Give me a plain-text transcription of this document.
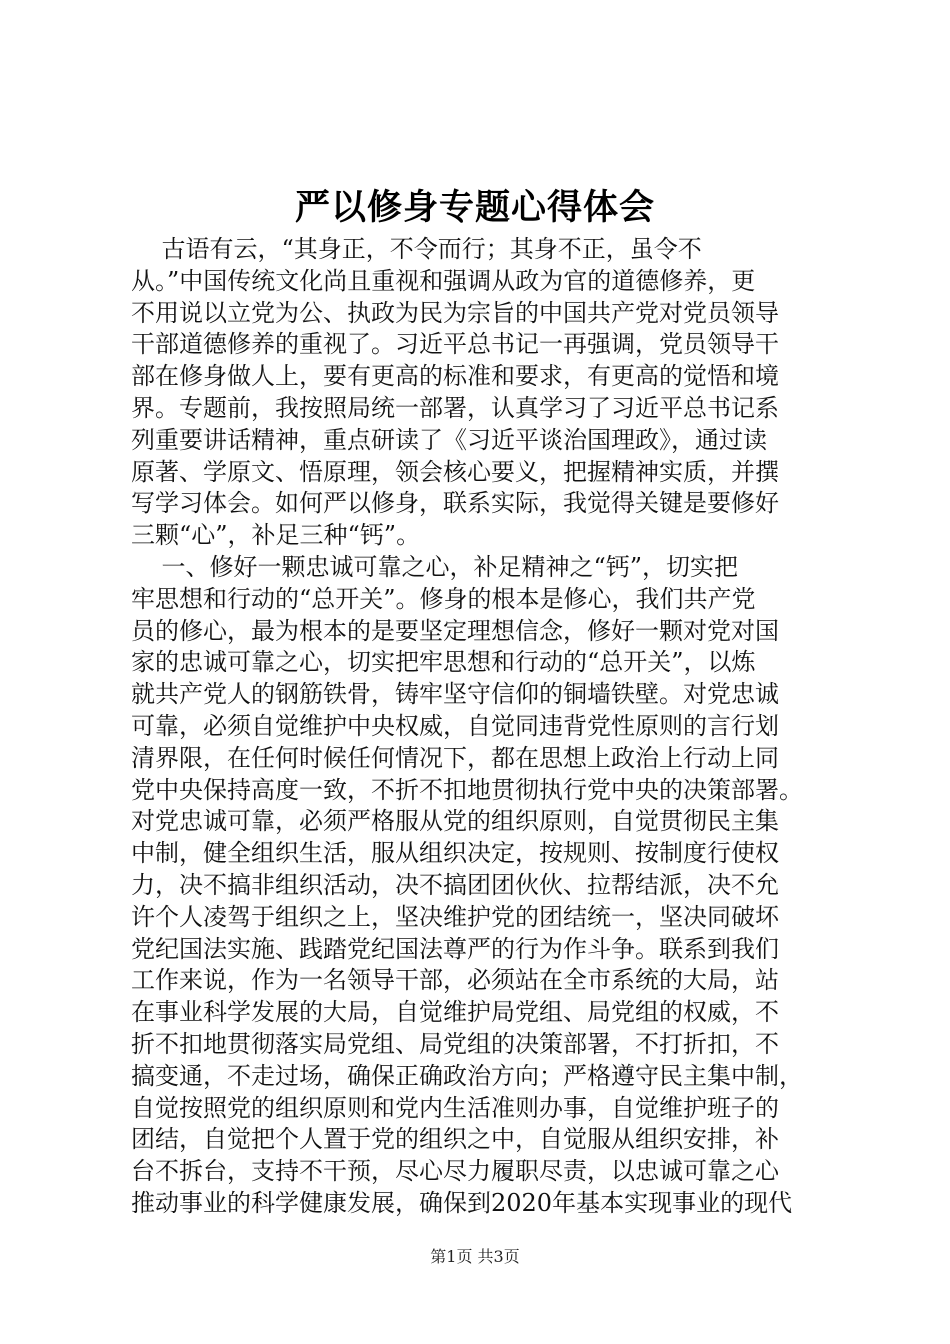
严以修身专题心得体会
古语有云，“其身正，不令而行；其身不正，虽令不
从。”中国传统文化尚且重视和强调从政为官的道德修养，更
不用说以立党为公、执政为民为宗旨的中国共产党对党员领导
干部道德修养的重视了。习近平总书记一再强调，党员领导干
部在修身做人上，要有更高的标准和要求，有更高的觉悟和境
界。专题前，我按照局统一部署，认真学习了习近平总书记系
列重要讲话精神，重点研读了《习近平谈治国理政》，通过读
原著、学原文、悟原理，领会核心要义，把握精神实质，并撰
写学习体会。如何严以修身，联系实际，我觉得关键是要修好
三颗“心”，补足三种“钙”。
一、修好一颗忠诚可靠之心，补足精神之“钙”，切实把
牢思想和行动的“总开关”。修身的根本是修心，我们共产党
员的修心，最为根本的是要坚定理想信念，修好一颗对党对国
家的忠诚可靠之心，切实把牢思想和行动的“总开关”，以炼
就共产党人的钢筋铁骨，铸牢坚守信仰的铜墙铁壁。对党忠诚
可靠，必须自觉维护中央权威，自觉同违背党性原则的言行划
清界限，在任何时候任何情况下，都在思想上政治上行动上同
党中央保持高度一致，不折不扣地贯彻执行党中央的决策部署。
对党忠诚可靠，必须严格服从党的组织原则，自觉贯彻民主集
中制，健全组织生活，服从组织决定，按规则、按制度行使权
力，决不搞非组织活动，决不搞团团伙伙、拉帮结派，决不允
许个人凌驾于组织之上，坚决维护党的团结统一，坚决同破坏
党纪国法实施、践踏党纪国法尊严的行为作斗争。联系到我们
工作来说，作为一名领导干部，必须站在全市系统的大局，站
在事业科学发展的大局，自觉维护局党组、局党组的权威，不
折不扣地贯彻落实局党组、局党组的决策部署，不打折扣，不
搞变通，不走过场，确保正确政治方向；严格遵守民主集中制，
自觉按照党的组织原则和党内生活准则办事，自觉维护班子的
团结，自觉把个人置于党的组织之中，自觉服从组织安排，补
台不拆台，支持不干预，尽心尽力履职尽责，以忠诚可靠之心
推动事业的科学健康发展，确保到2020年基本实现事业的现代
第1页 共3页
